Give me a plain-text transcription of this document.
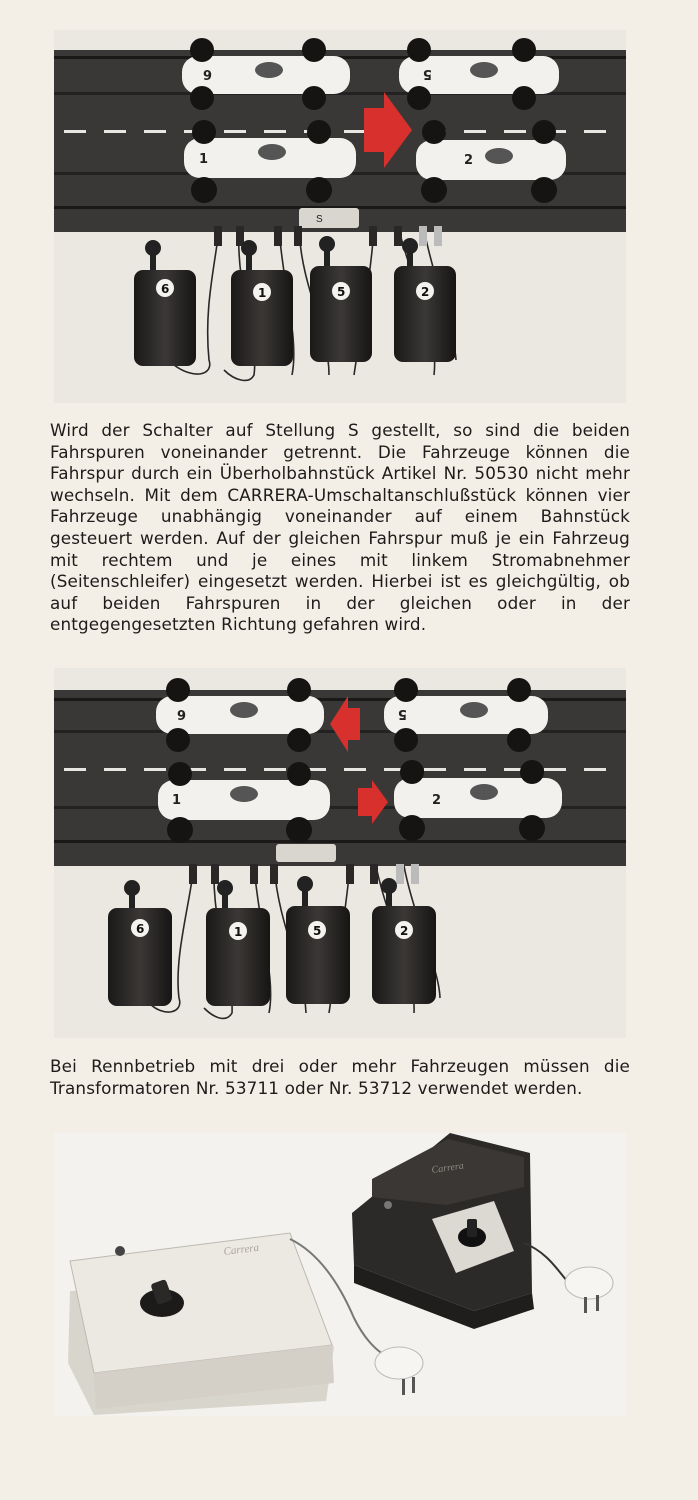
S
6	5
1	2
6	1	5	2

Wird der Schalter auf Stellung S gestellt, so sind die beiden Fahrspuren voneinander getrennt. Die Fahrzeuge können die Fahrspur durch ein Überholbahnstück Artikel Nr. 50530 nicht mehr wechseln. Mit dem CARRERA-Umschaltanschlußstück können vier Fahrzeuge unabhängig voneinander auf einem Bahnstück gesteuert werden. Auf der gleichen Fahrspur muß je ein Fahrzeug mit rechtem und je eines mit linkem Stromabnehmer (Seitenschleifer) eingesetzt werden. Hierbei ist es gleichgültig, ob auf beiden Fahrspuren in der gleichen oder in der entgegengesetzten Richtung gefahren wird.

6	5
1	2
6	1	5	2

Bei Rennbetrieb mit drei oder mehr Fahrzeugen müssen die Transformatoren Nr. 53711 oder Nr. 53712 verwendet werden.

Carrera
Carrera
